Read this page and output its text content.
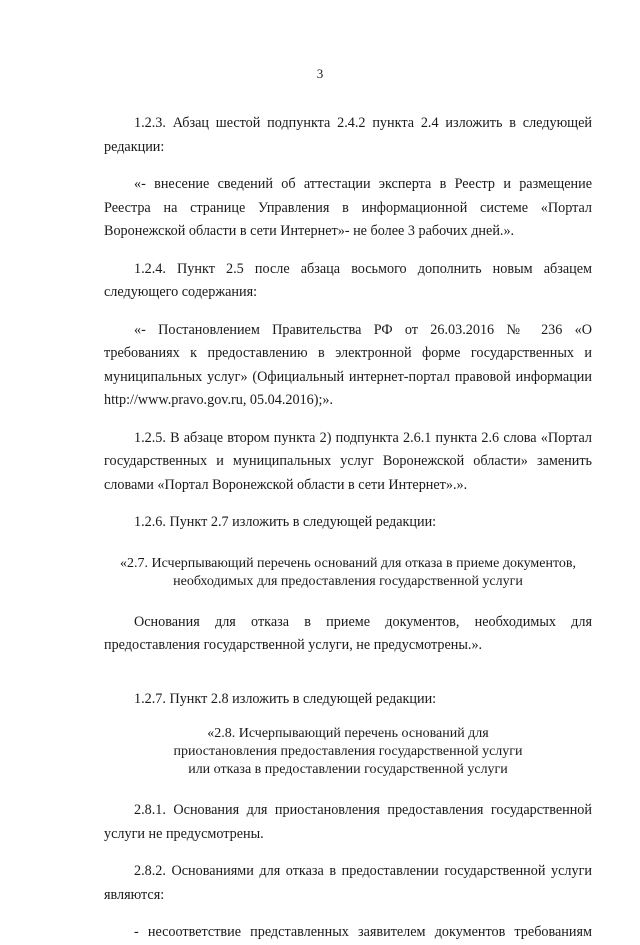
3

1.2.3. Абзац шестой подпункта 2.4.2 пункта 2.4 изложить в следующей редакции:

«- внесение сведений об аттестации эксперта в Реестр и размещение Реестра на странице Управления в информационной системе «Портал Воронежской области в сети Интернет»- не более 3 рабочих дней.».

1.2.4. Пункт 2.5 после абзаца восьмого дополнить новым абзацем следующего содержания:

«- Постановлением Правительства РФ от 26.03.2016 № 236 «О требованиях к предоставлению в электронной форме государственных и муниципальных услуг» (Официальный интернет-портал правовой информации http://www.pravo.gov.ru, 05.04.2016);».

1.2.5. В абзаце втором пункта 2) подпункта 2.6.1 пункта 2.6 слова «Портал государственных и муниципальных услуг Воронежской области» заменить словами «Портал Воронежской области в сети Интернет».».

1.2.6. Пункт 2.7 изложить в следующей редакции:

«2.7. Исчерпывающий перечень оснований для отказа в приеме документов,
необходимых для предоставления государственной услуги

Основания для отказа в приеме документов, необходимых для предоставления государственной услуги, не предусмотрены.».

1.2.7. Пункт 2.8 изложить в следующей редакции:

«2.8. Исчерпывающий перечень оснований для
приостановления предоставления государственной услуги
или отказа в предоставлении государственной услуги

2.8.1. Основания для приостановления предоставления государственной услуги не предусмотрены.

2.8.2. Основаниями для отказа в предоставлении государственной услуги являются:

- несоответствие представленных заявителем документов требованиям
